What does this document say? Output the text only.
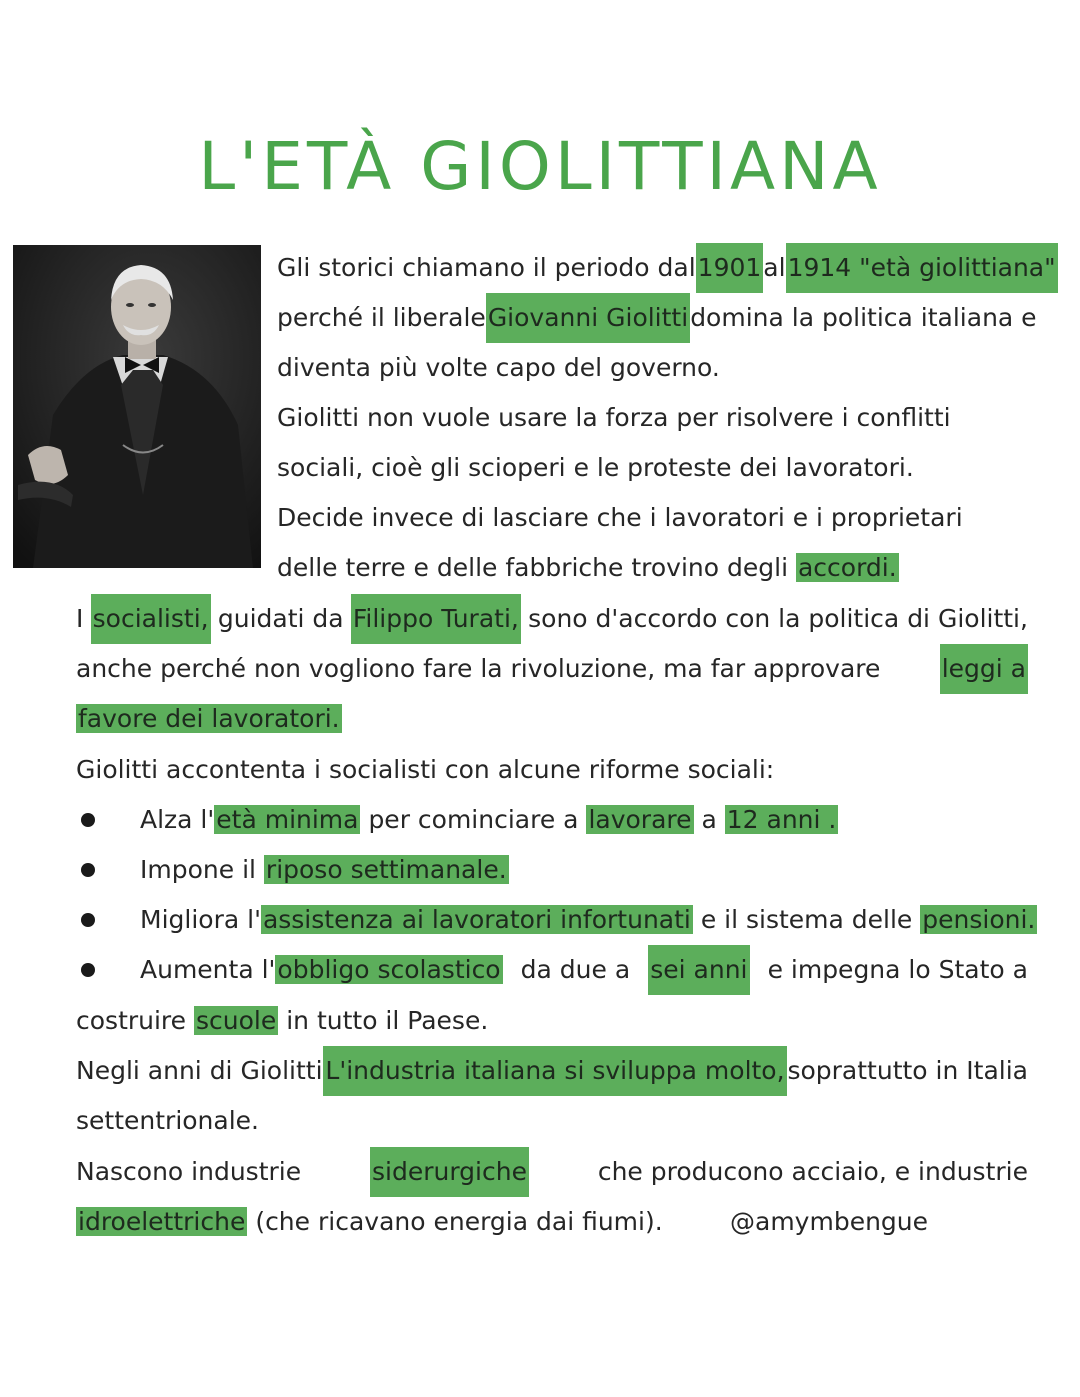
L'ETÀ GIOLITTIANA
Gli storici chiamano il periodo dal 1901 al 1914 "età giolittiana"
perché il liberale Giovanni Giolitti domina la politica italiana e
diventa più volte capo del governo.
Giolitti non vuole usare la forza per risolvere i conflitti
sociali, cioè gli scioperi e le proteste dei lavoratori.
Decide invece di lasciare che i lavoratori e i proprietari
delle terre e delle fabbriche trovino degli accordi.
I socialisti, guidati da Filippo Turati, sono d'accordo con la politica di Giolitti,
anche perché non vogliono fare la rivoluzione, ma far approvare leggi a
favore dei lavoratori.
Giolitti accontenta i socialisti con alcune riforme sociali:
Alza l'età minima per cominciare a lavorare a 12 anni .
Impone il riposo settimanale.
Migliora l'assistenza ai lavoratori infortunati e il sistema delle pensioni.
Aumenta l'obbligo scolastico da due a sei anni e impegna lo Stato a
costruire scuole in tutto il Paese.
Negli anni di Giolitti L'industria italiana si sviluppa molto, soprattutto in Italia
settentrionale.
Nascono industrie	siderurgiche	che producono acciaio, e industrie
idroelettriche (che ricavano energia dai fiumi).	@amymbengue
